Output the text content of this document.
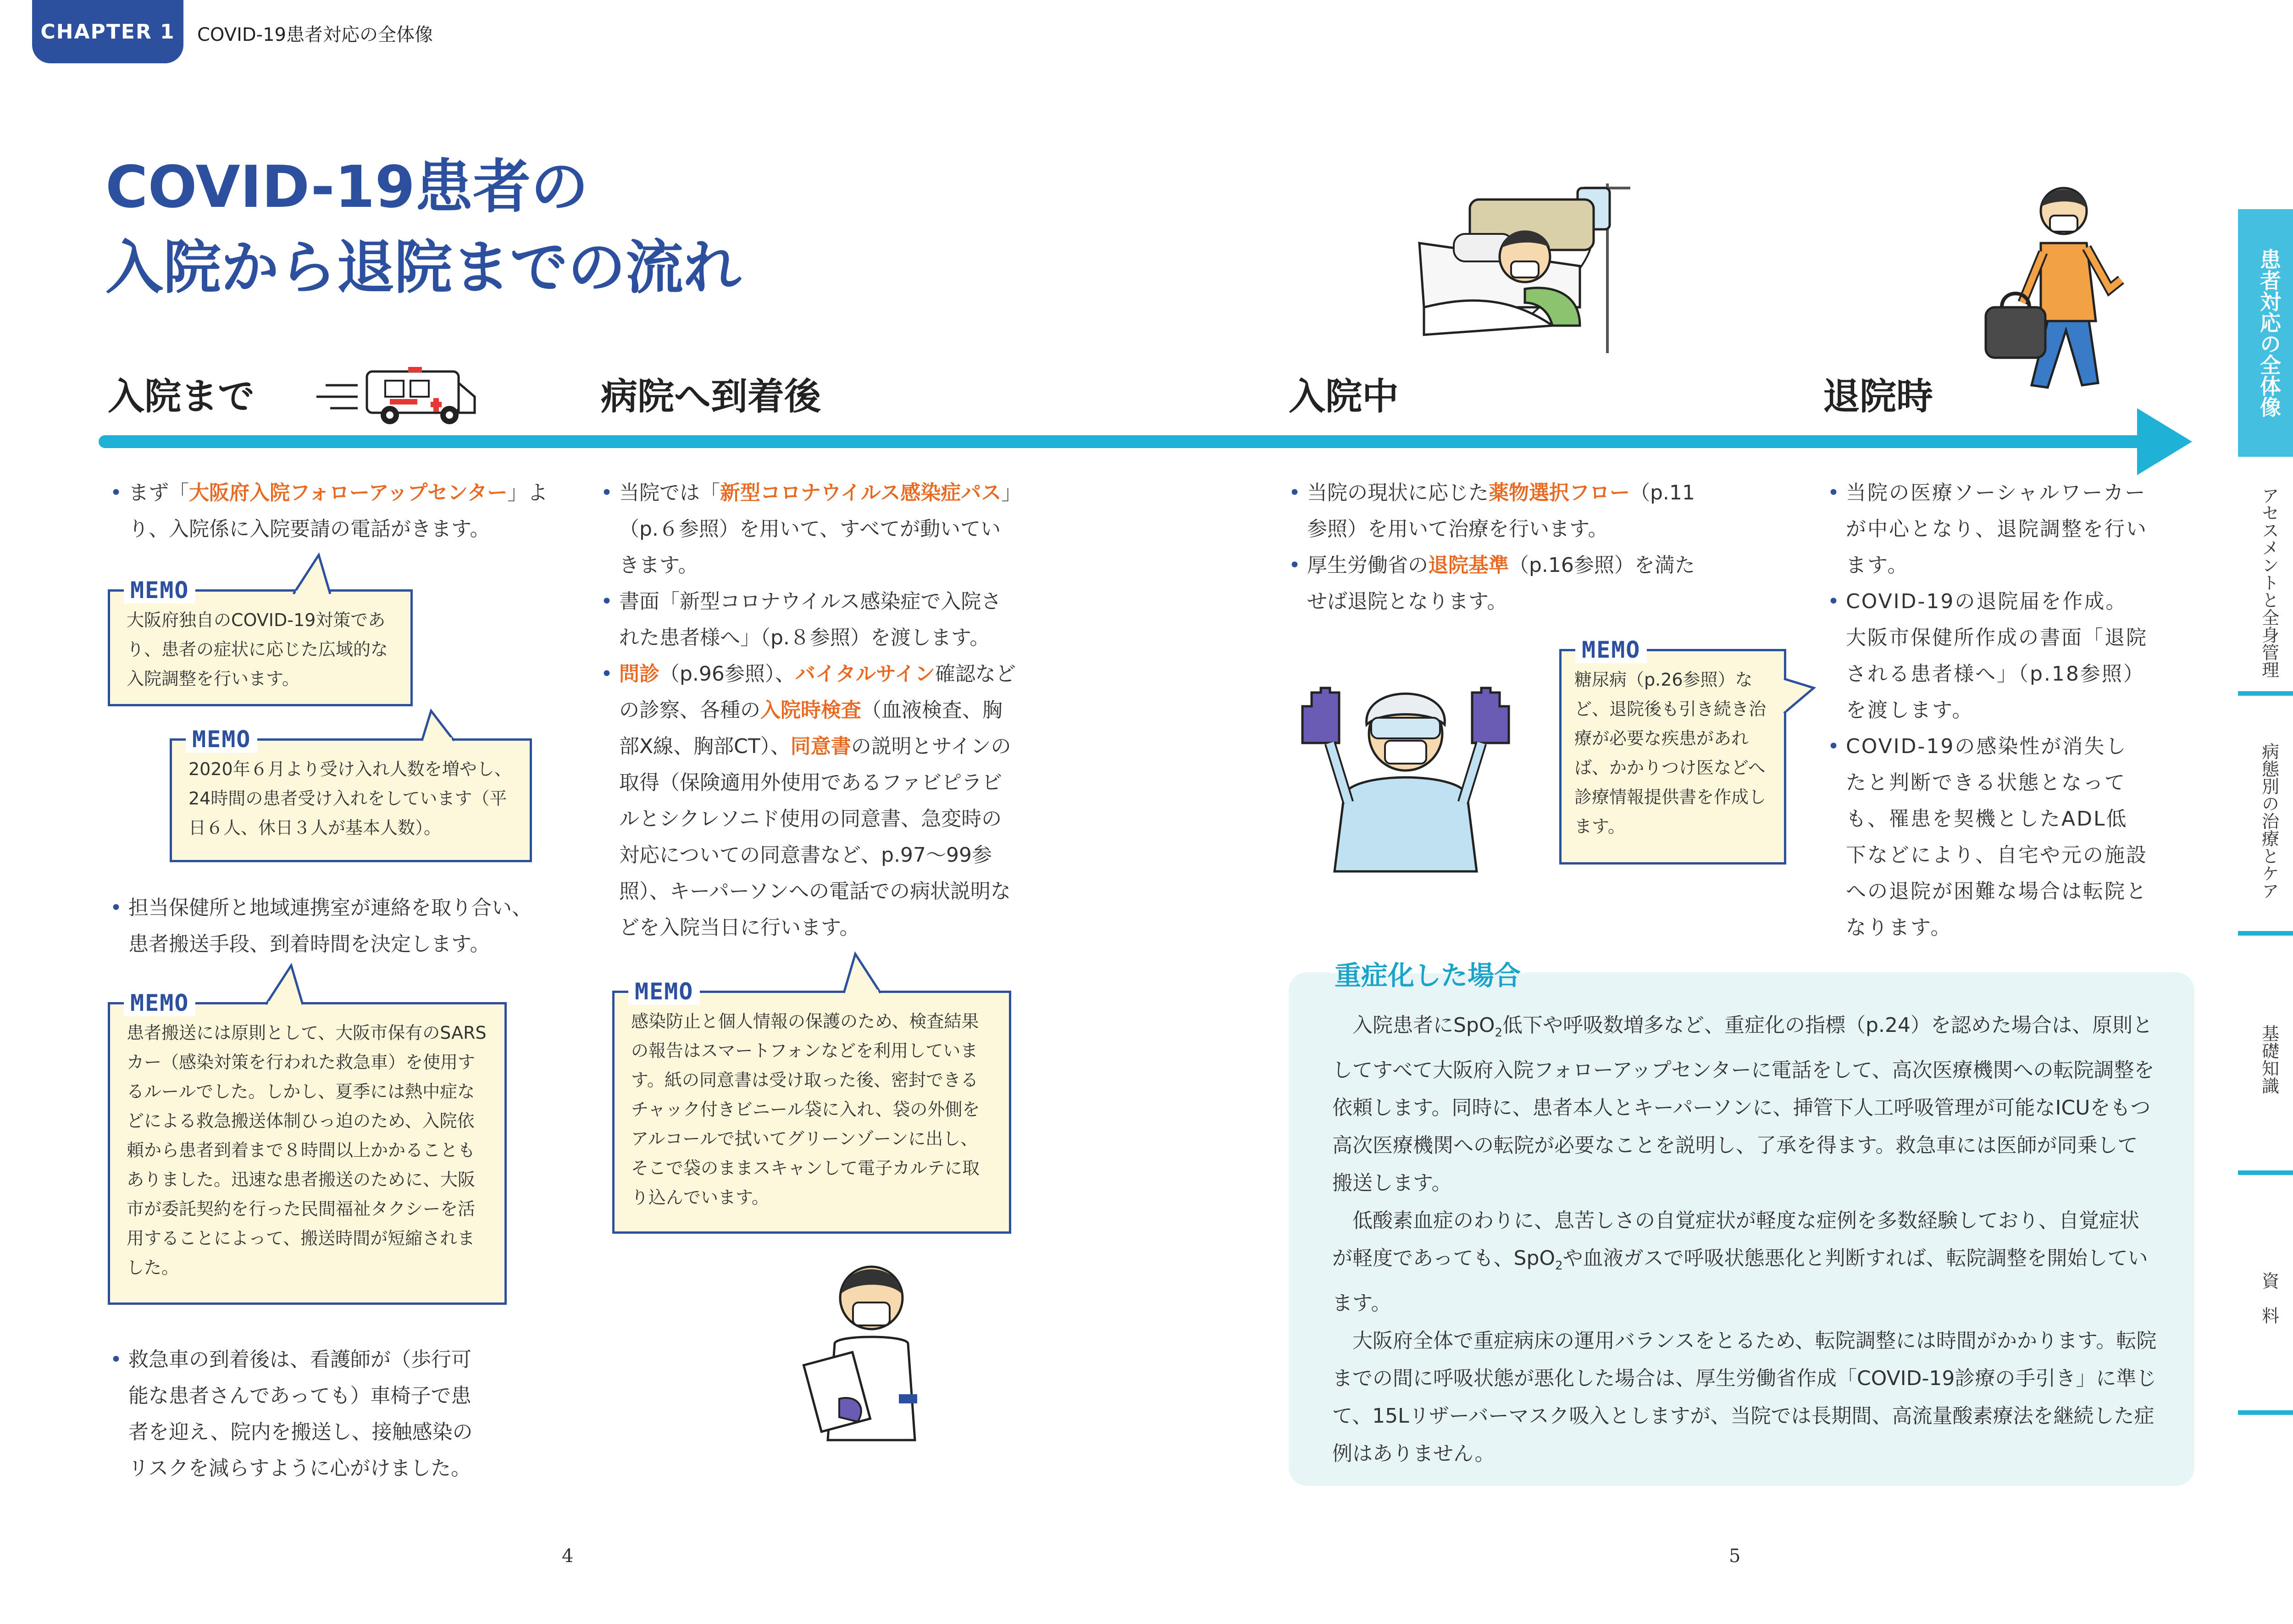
CHAPTER 1	COVID-19患者対応の全体像
COVID-19患者の
入院から退院までの流れ
入院まで	病院へ到着後	入院中	退院時
• まず「大阪府入院フォローアップセンター」より、入院係に入院要請の電話がきます。
MEMO
大阪府独自のCOVID-19対策であり、患者の症状に応じた広域的な入院調整を行います。
MEMO
2020年６月より受け入れ人数を増やし、24時間の患者受け入れをしています（平日６人、休日３人が基本人数）。
• 担当保健所と地域連携室が連絡を取り合い、患者搬送手段、到着時間を決定します。
MEMO
患者搬送には原則として、大阪市保有のSARSカー（感染対策を行われた救急車）を使用するルールでした。しかし、夏季には熱中症などによる救急搬送体制ひっ迫のため、入院依頼から患者到着まで８時間以上かかることもありました。迅速な患者搬送のために、大阪市が委託契約を行った民間福祉タクシーを活用することによって、搬送時間が短縮されました。
• 救急車の到着後は、看護師が（歩行可能な患者さんであっても）車椅子で患者を迎え、院内を搬送し、接触感染のリスクを減らすように心がけました。
• 当院では「新型コロナウイルス感染症パス」（p.６参照）を用いて、すべてが動いていきます。
• 書面「新型コロナウイルス感染症で入院された患者様へ」（p.８参照）を渡します。
• 問診（p.96参照）、バイタルサイン確認などの診察、各種の入院時検査（血液検査、胸部X線、胸部CT）、同意書の説明とサインの取得（保険適用外使用であるファビピラビルとシクレソニド使用の同意書、急変時の対応についての同意書など、p.97〜99参照）、キーパーソンへの電話での病状説明などを入院当日に行います。
MEMO
感染防止と個人情報の保護のため、検査結果の報告はスマートフォンなどを利用しています。紙の同意書は受け取った後、密封できるチャック付きビニール袋に入れ、袋の外側をアルコールで拭いてグリーンゾーンに出し、そこで袋のままスキャンして電子カルテに取り込んでいます。
• 当院の現状に応じた薬物選択フロー（p.11参照）を用いて治療を行います。
• 厚生労働省の退院基準（p.16参照）を満たせば退院となります。
MEMO
糖尿病（p.26参照）など、退院後も引き続き治療が必要な疾患があれば、かかりつけ医などへ診療情報提供書を作成します。
• 当院の医療ソーシャルワーカーが中心となり、退院調整を行います。
• COVID-19の退院届を作成。大阪市保健所作成の書面「退院される患者様へ」（p.18参照）を渡します。
• COVID-19の感染性が消失したと判断できる状態となっても、罹患を契機としたADL低下などにより、自宅や元の施設への退院が困難な場合は転院となります。
重症化した場合

入院患者にSpO$_2$低下や呼吸数増多など、重症化の指標（p.24）を認めた場合は、原則としてすべて大阪府入院フォローアップセンターに電話をして、高次医療機関への転院調整を依頼します。同時に、患者本人とキーパーソンに、挿管下人工呼吸管理が可能なICUをもつ高次医療機関への転院が必要なことを説明し、了承を得ます。救急車には医師が同乗して搬送します。

低酸素血症のわりに、息苦しさの自覚症状が軽度な症例を多数経験しており、自覚症状が軽度であっても、SpO$_2$や血液ガスで呼吸状態悪化と判断すれば、転院調整を開始しています。

大阪府全体で重症病床の運用バランスをとるため、転院調整には時間がかかります。転院までの間に呼吸状態が悪化した場合は、厚生労働省作成「COVID-19診療の手引き」に準じて、15Lリザーバーマスク吸入としますが、当院では長期間、高流量酸素療法を継続した症例はありません。

患者対応の全体像
アセスメントと全身管理
病態別の治療とケア
基礎知識
資　料
4	5
